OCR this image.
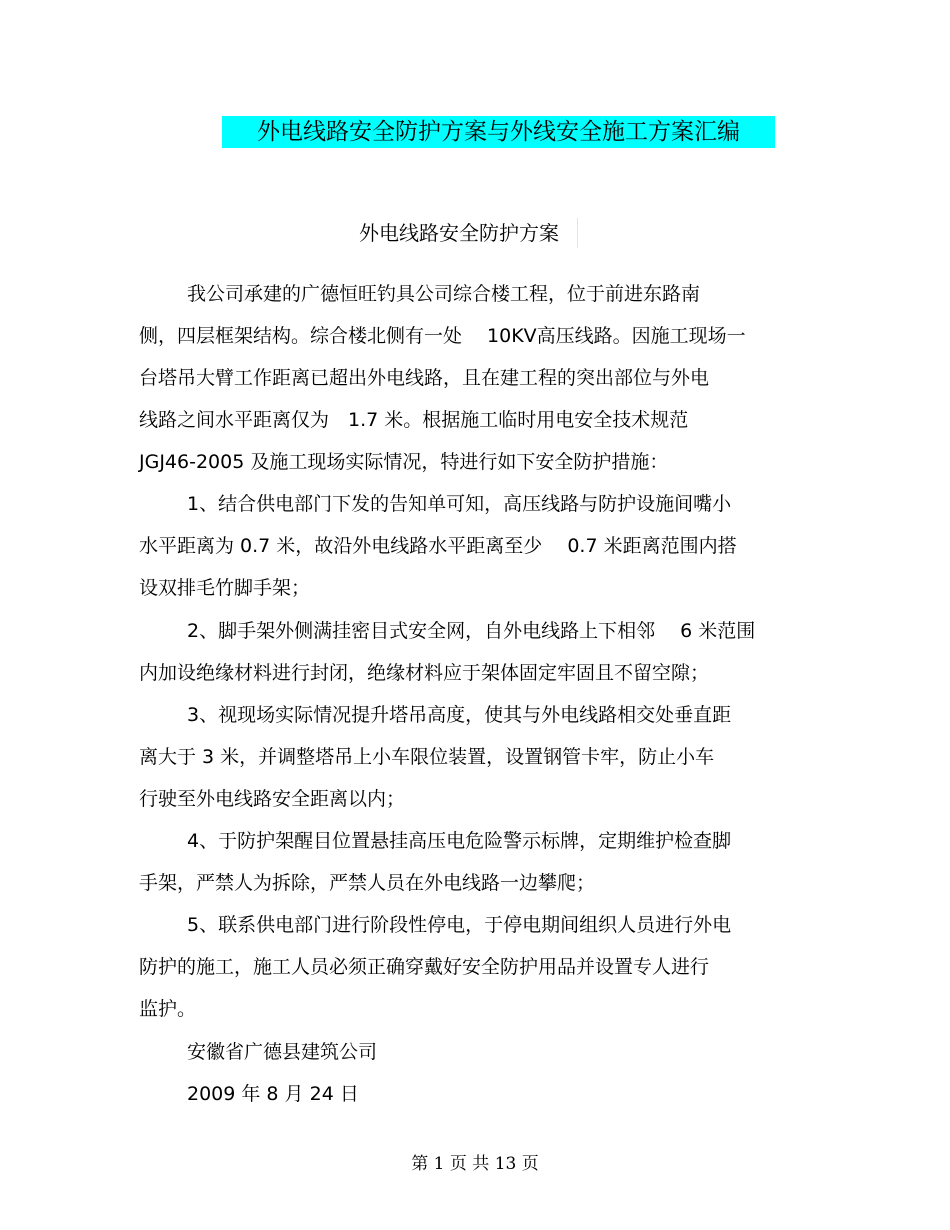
外电线路安全防护方案与外线安全施工方案汇编
外电线路安全防护方案
我公司承建的广德恒旺钓具公司综合楼工程，位于前进东路南
侧，四层框架结构。综合楼北侧有一处　 10KV高压线路。因施工现场一
台塔吊大臂工作距离已超出外电线路，且在建工程的突出部位与外电
线路之间水平距离仅为　1.7 米。根据施工临时用电安全技术规范
JGJ46-2005 及施工现场实际情况，特进行如下安全防护措施：
1、结合供电部门下发的告知单可知，高压线路与防护设施间嘴小
水平距离为 0.7 米，故沿外电线路水平距离至少　 0.7 米距离范围内搭
设双排毛竹脚手架；
2、脚手架外侧满挂密目式安全网，自外电线路上下相邻　 6 米范围
内加设绝缘材料进行封闭，绝缘材料应于架体固定牢固且不留空隙；
3、视现场实际情况提升塔吊高度，使其与外电线路相交处垂直距
离大于 3 米，并调整塔吊上小车限位装置，设置钢管卡牢，防止小车
行驶至外电线路安全距离以内；
4、于防护架醒目位置悬挂高压电危险警示标牌，定期维护检查脚
手架，严禁人为拆除，严禁人员在外电线路一边攀爬；
5、联系供电部门进行阶段性停电，于停电期间组织人员进行外电
防护的施工，施工人员必须正确穿戴好安全防护用品并设置专人进行
监护。
安徽省广德县建筑公司
2009 年 8 月 24 日
第 1 页 共 13 页
